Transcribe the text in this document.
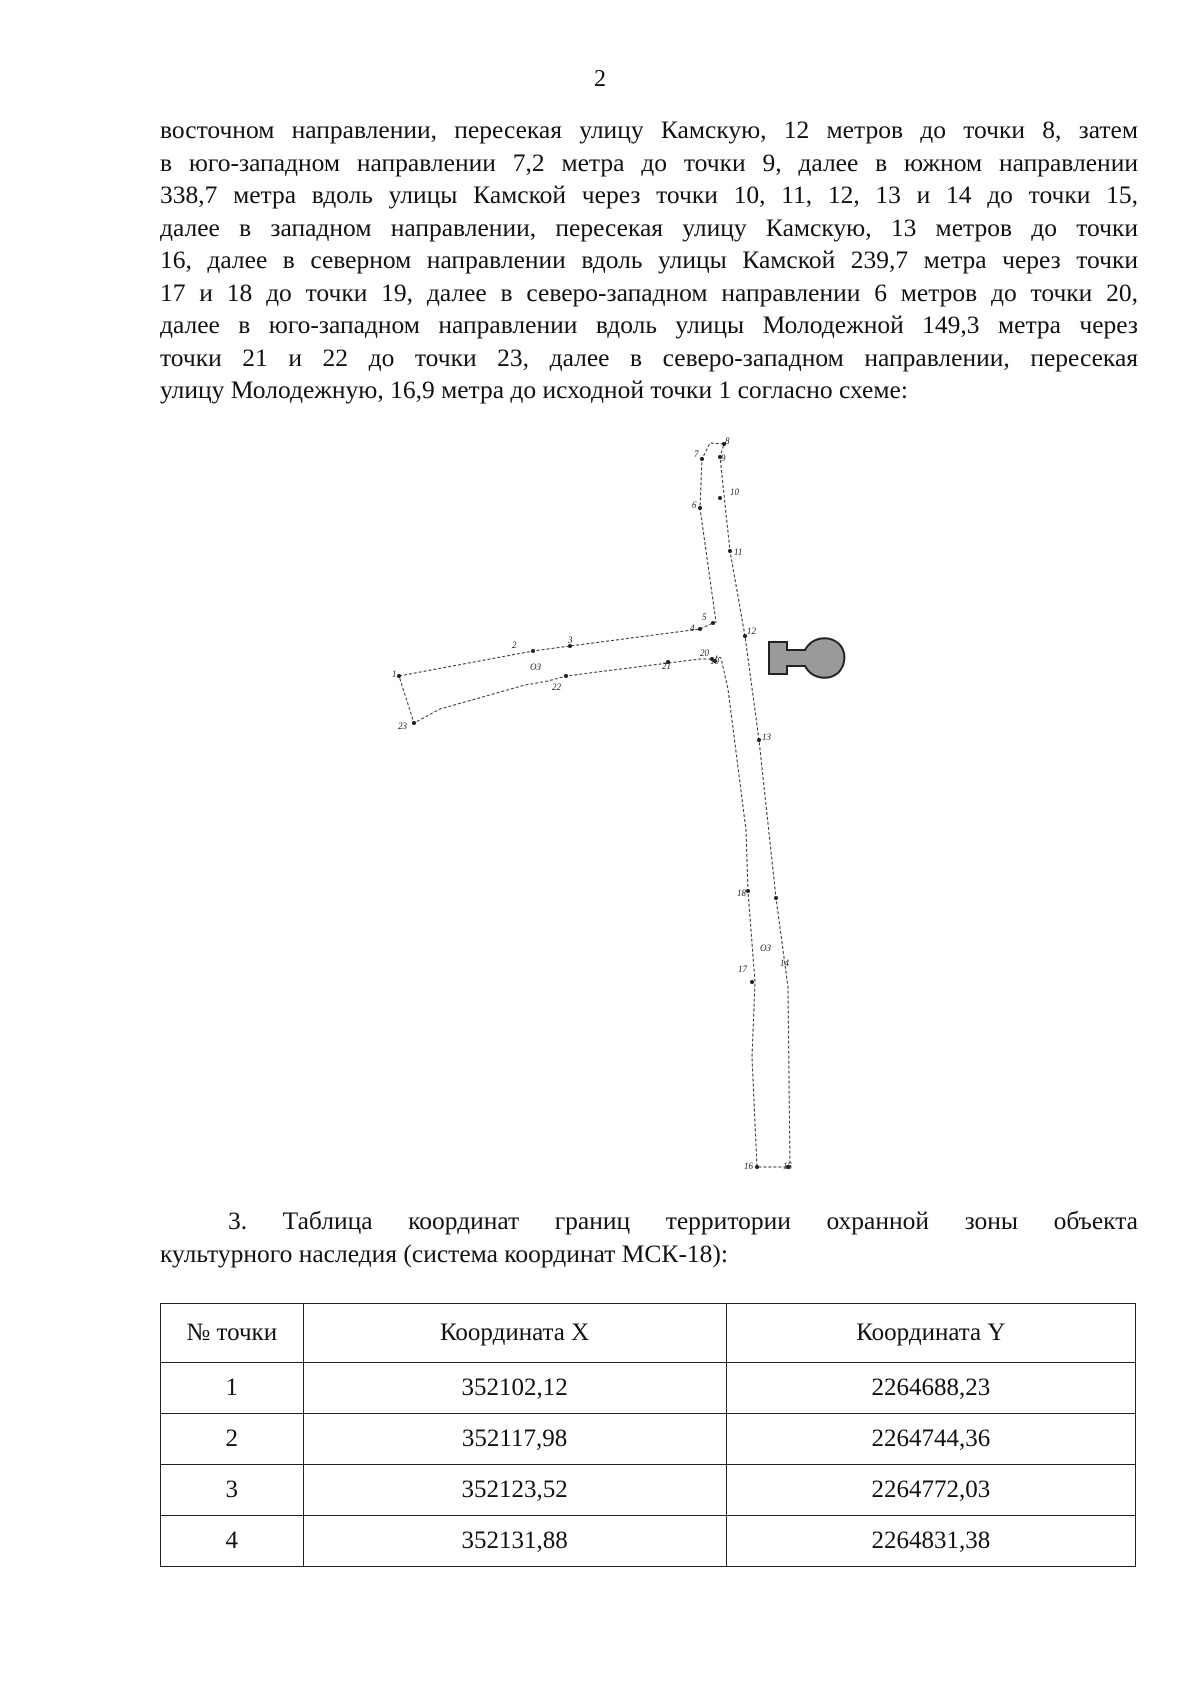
2
восточном направлении, пересекая улицу Камскую, 12 метров до точки 8, затем
в юго-западном направлении 7,2 метра до точки 9, далее в южном направлении
338,7 метра вдоль улицы Камской через точки 10, 11, 12, 13 и 14 до точки 15,
далее в западном направлении, пересекая улицу Камскую, 13 метров до точки
16, далее в северном направлении вдоль улицы Камской 239,7 метра через точки
17 и 18 до точки 19, далее в северо-западном направлении 6 метров до точки 20,
далее в юго-западном направлении вдоль улицы Молодежной 149,3 метра через
точки 21 и 22 до точки 23, далее в северо-западном направлении, пересекая
улицу Молодежную, 16,9 метра до исходной точки 1 согласно схеме:
1
2	3
4
5
6
7
8
9
10
11
12
13
14
15
16
17
18
19
20
21
22
23
ОЗ
ОЗ
3. Таблица координат границ территории охранной зоны объекта
культурного наследия (система координат МСК-18):
№ точки	Координата X	Координата Y
1	352102,12	2264688,23
2	352117,98	2264744,36
3	352123,52	2264772,03
4	352131,88	2264831,38
